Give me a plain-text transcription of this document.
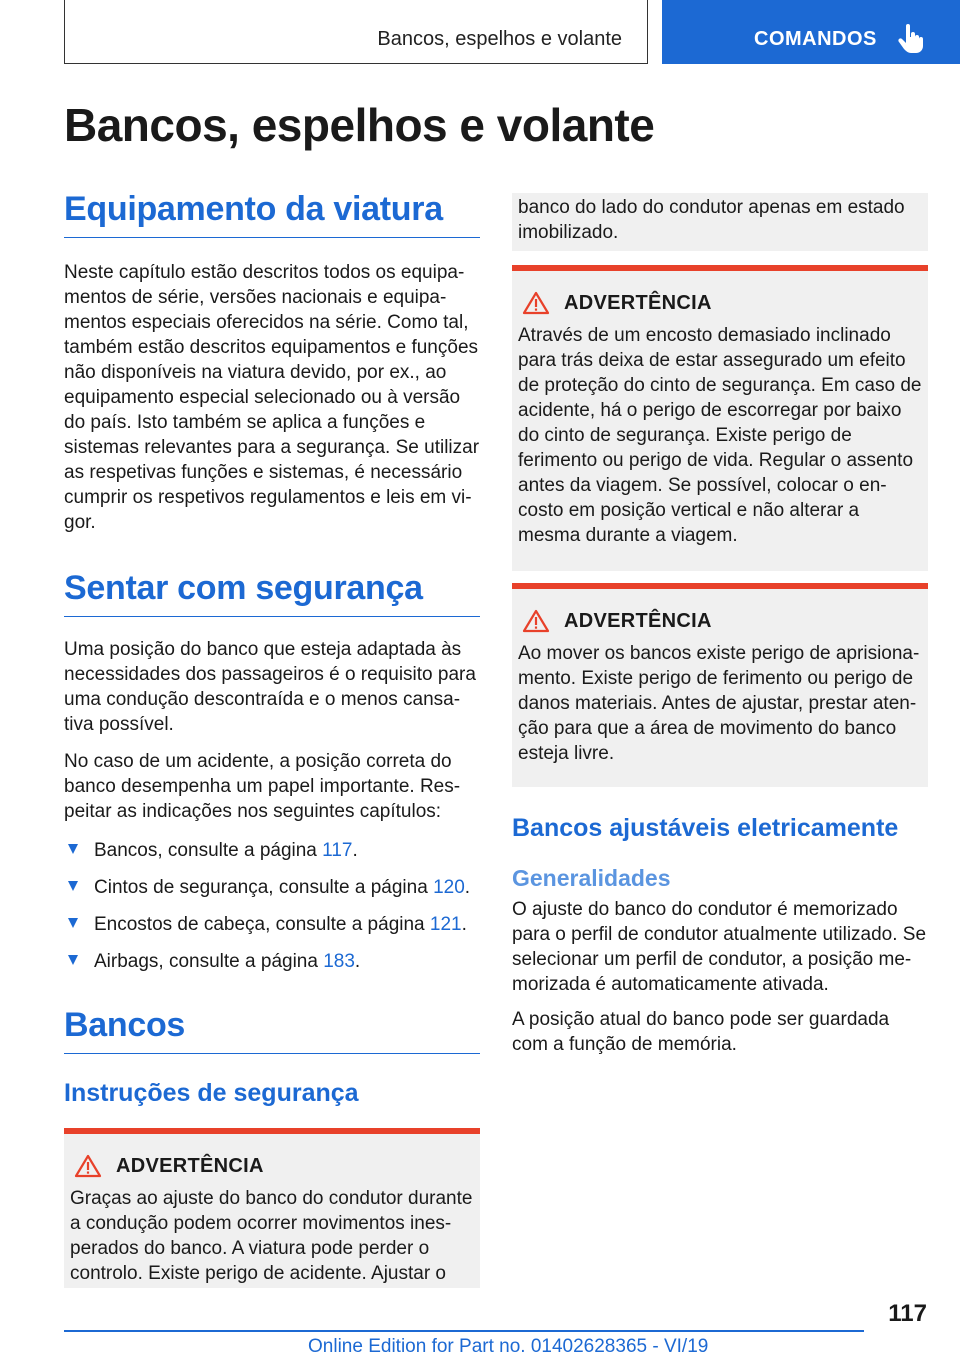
Bancos, espelhos e volante	COMANDOS
Bancos, espelhos e volante
Equipamento da viatura

Neste capítulo estão descritos todos os equipamentos de série, versões nacionais e equipamentos especiais oferecidos na série. Como tal, também estão descritos equipamentos e funções não disponíveis na viatura devido, por ex., ao equipamento especial selecionado ou à versão do país. Isto também se aplica a funções e sistemas relevantes para a segurança. Se utilizar as respetivas funções e sistemas, é necessário cumprir os respetivos regulamentos e leis em vigor.

Sentar com segurança

Uma posição do banco que esteja adaptada às necessidades dos passageiros é o requisito para uma condução descontraída e o menos cansativa possível.

No caso de um acidente, a posição correta do banco desempenha um papel importante. Respeitar as indicações nos seguintes capítulos:

Bancos, consulte a página 117.
Cintos de segurança, consulte a página 120.
Encostos de cabeça, consulte a página 121.
Airbags, consulte a página 183.
Bancos
Instruções de segurança
ADVERTÊNCIA

Graças ao ajuste do banco do condutor durante a condução podem ocorrer movimentos inesperados do banco. A viatura pode perder o controlo. Existe perigo de acidente. Ajustar o

banco do lado do condutor apenas em estado imobilizado.

ADVERTÊNCIA

Através de um encosto demasiado inclinado para trás deixa de estar assegurado um efeito de proteção do cinto de segurança. Em caso de acidente, há o perigo de escorregar por baixo do cinto de segurança. Existe perigo de ferimento ou perigo de vida. Regular o assento antes da viagem. Se possível, colocar o encosto em posição vertical e não alterar a mesma durante a viagem.

ADVERTÊNCIA

Ao mover os bancos existe perigo de aprisionamento. Existe perigo de ferimento ou perigo de danos materiais. Antes de ajustar, prestar atenção para que a área de movimento do banco esteja livre.

Bancos ajustáveis eletricamente
Generalidades

O ajuste do banco do condutor é memorizado para o perfil de condutor atualmente utilizado. Se selecionar um perfil de condutor, a posição memorizada é automaticamente ativada.

A posição atual do banco pode ser guardada com a função de memória.

117
Online Edition for Part no. 01402628365 - VI/19
